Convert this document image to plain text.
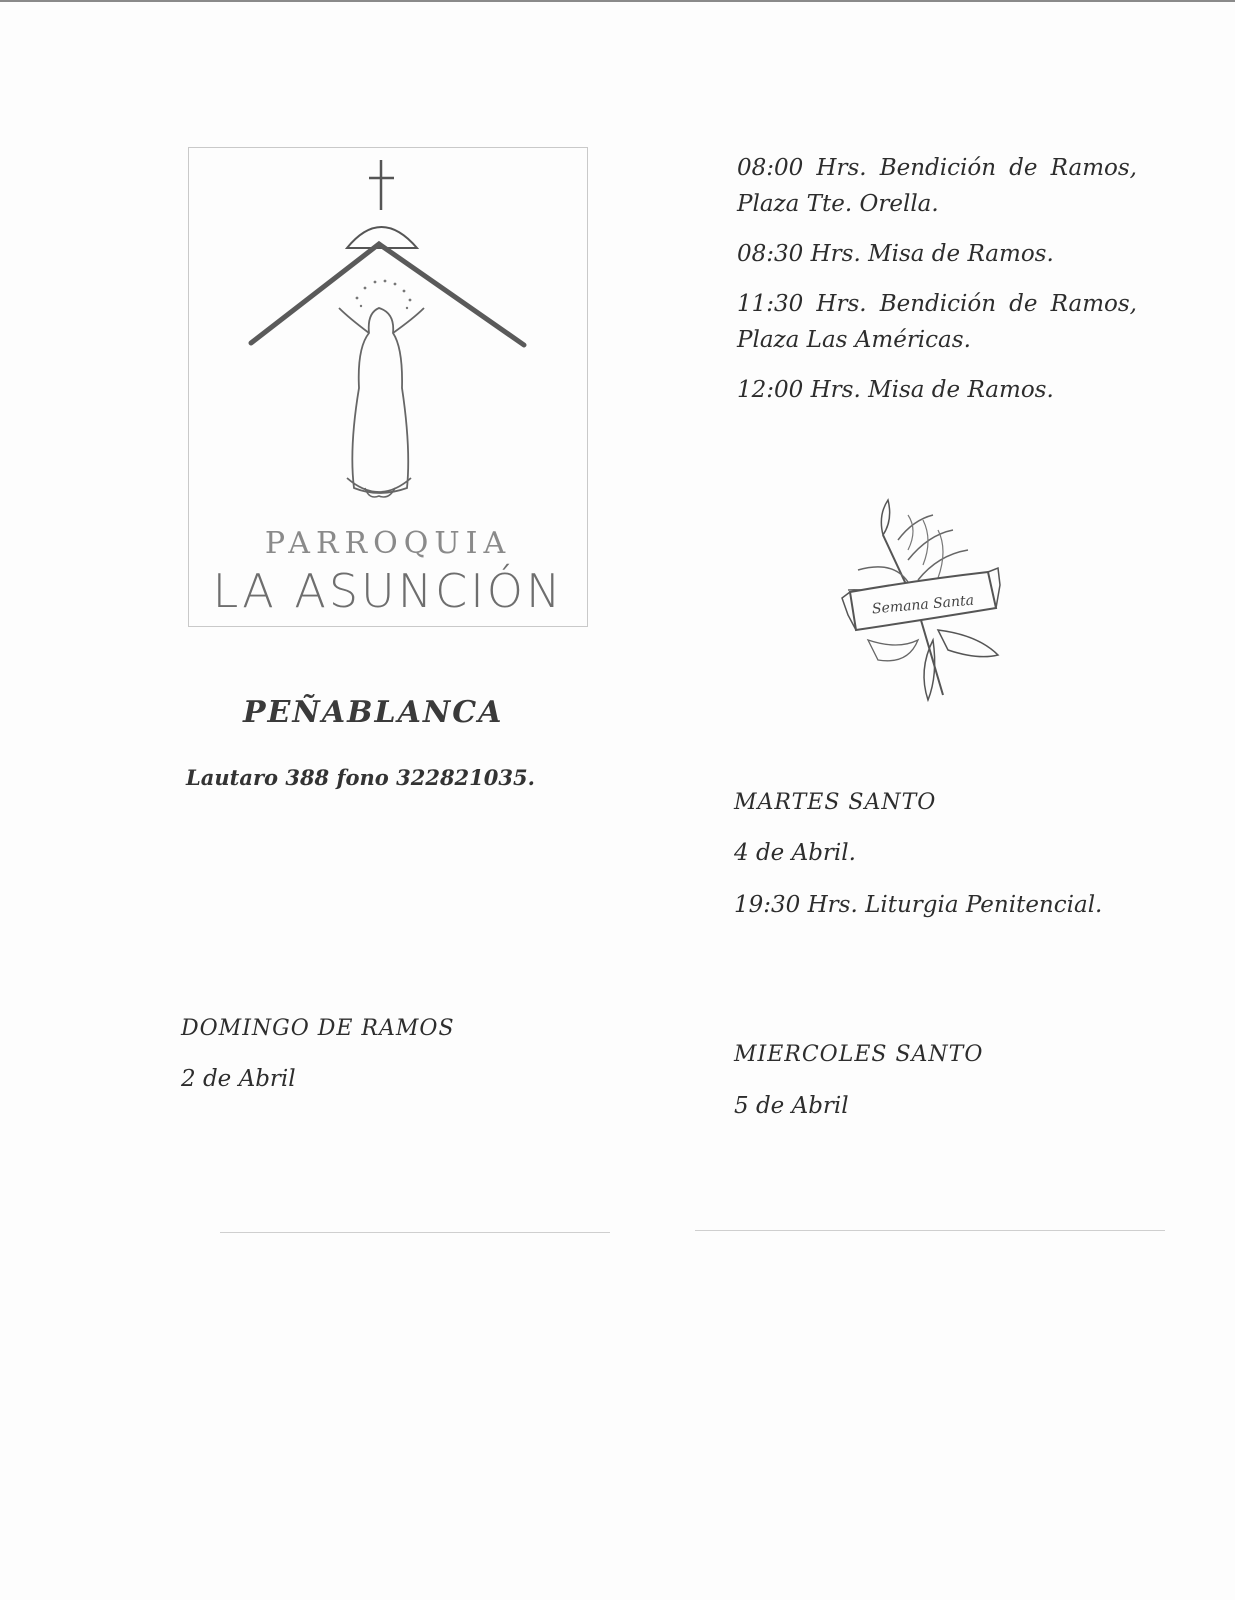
PARROQUIA
LA ASUNCIÓN
PEÑABLANCA
Lautaro 388 fono 322821035.
08:00 Hrs. Bendición de Ramos, Plaza Tte. Orella.
08:30 Hrs. Misa de Ramos.
11:30 Hrs. Bendición de Ramos, Plaza Las Américas.
12:00 Hrs. Misa de Ramos.
Semana Santa
DOMINGO DE RAMOS
2 de Abril
MARTES SANTO
4 de Abril.
19:30 Hrs. Liturgia Penitencial.
MIERCOLES SANTO
5 de Abril
